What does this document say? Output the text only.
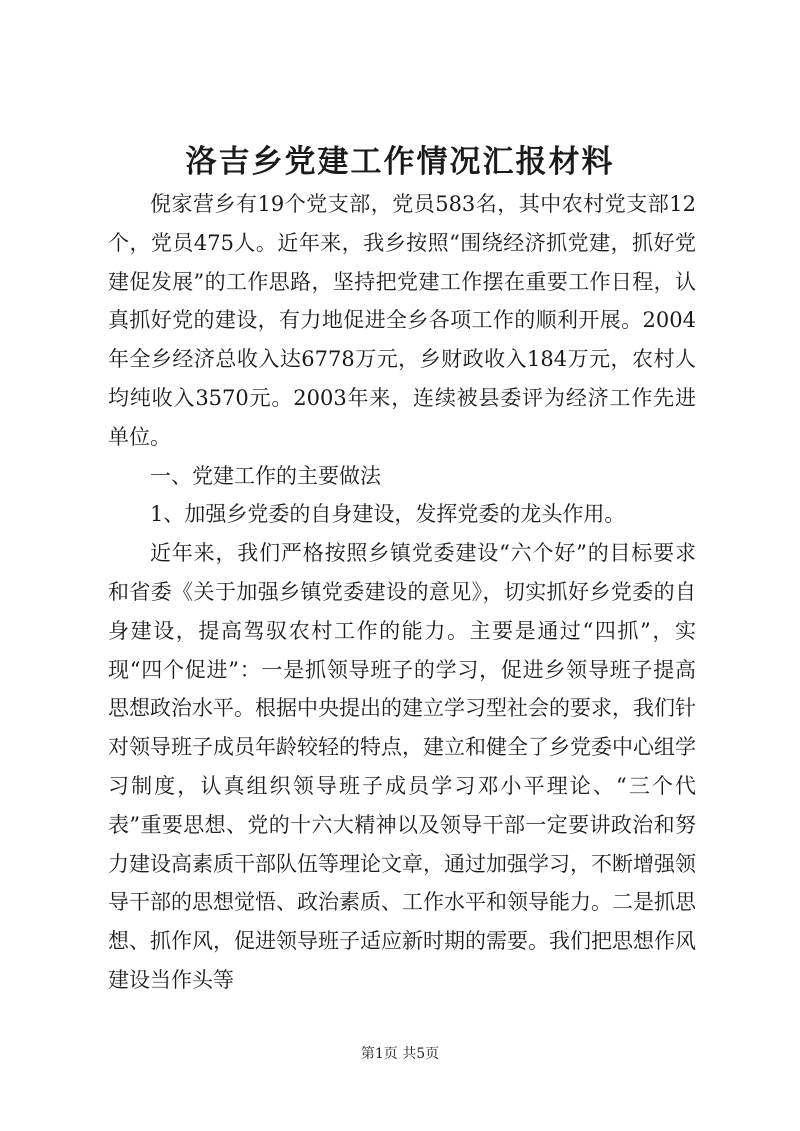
洛吉乡党建工作情况汇报材料

倪家营乡有19个党支部，党员583名，其中农村党支部12个，党员475人。近年来，我乡按照“围绕经济抓党建，抓好党建促发展”的工作思路，坚持把党建工作摆在重要工作日程，认真抓好党的建设，有力地促进全乡各项工作的顺利开展。2004年全乡经济总收入达6778万元，乡财政收入184万元，农村人均纯收入3570元。2003年来，连续被县委评为经济工作先进单位。

一、党建工作的主要做法

1、加强乡党委的自身建设，发挥党委的龙头作用。

近年来，我们严格按照乡镇党委建设“六个好”的目标要求和省委《关于加强乡镇党委建设的意见》，切实抓好乡党委的自身建设，提高驾驭农村工作的能力。主要是通过“四抓”，实现“四个促进”：一是抓领导班子的学习，促进乡领导班子提高思想政治水平。根据中央提出的建立学习型社会的要求，我们针对领导班子成员年龄较轻的特点，建立和健全了乡党委中心组学习制度，认真组织领导班子成员学习邓小平理论、“三个代表”重要思想、党的十六大精神以及领导干部一定要讲政治和努力建设高素质干部队伍等理论文章，通过加强学习，不断增强领导干部的思想觉悟、政治素质、工作水平和领导能力。二是抓思想、抓作风，促进领导班子适应新时期的需要。我们把思想作风建设当作头等

第1页 共5页
